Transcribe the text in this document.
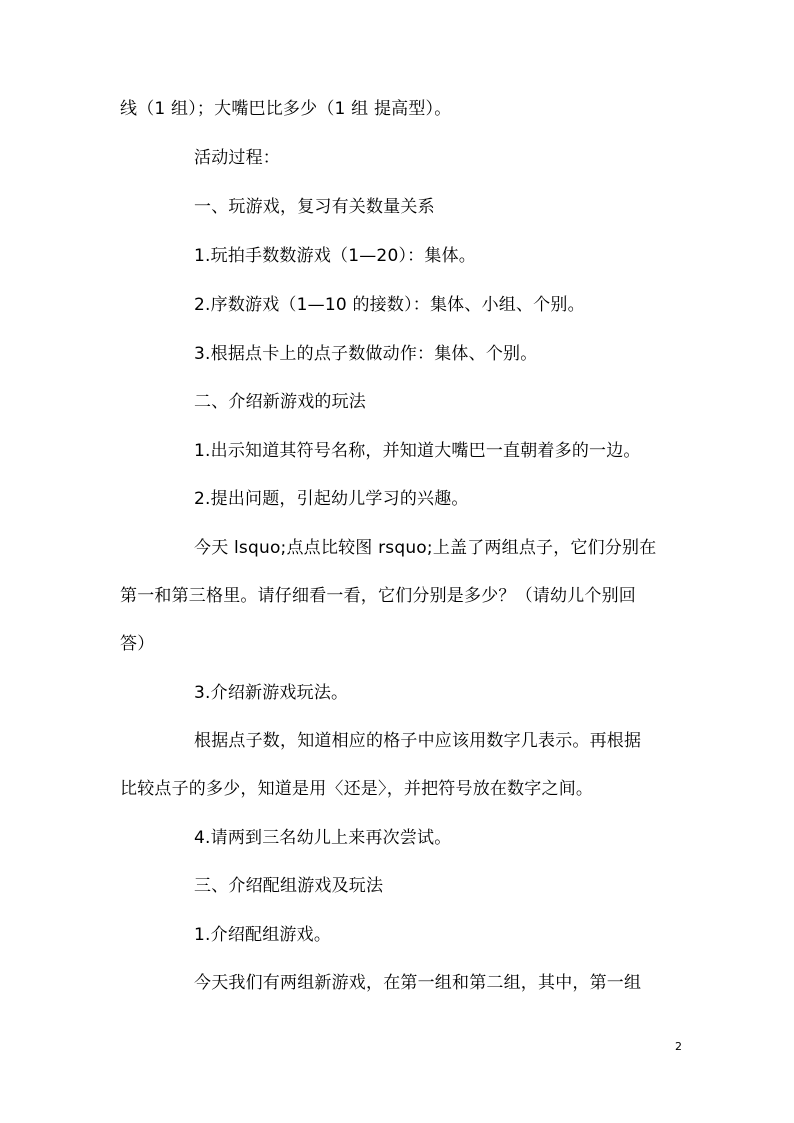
线（1 组）；大嘴巴比多少（1 组 提高型）。
活动过程：
一、玩游戏，复习有关数量关系
1.玩拍手数数游戏（1—20）：集体。
2.序数游戏（1—10 的接数）：集体、小组、个别。
3.根据点卡上的点子数做动作：集体、个别。
二、介绍新游戏的玩法
1.出示知道其符号名称，并知道大嘴巴一直朝着多的一边。
2.提出问题，引起幼儿学习的兴趣。
今天 lsquo;点点比较图 rsquo;上盖了两组点子，它们分别在
第一和第三格里。请仔细看一看，它们分别是多少？（请幼儿个别回
答）
3.介绍新游戏玩法。
根据点子数，知道相应的格子中应该用数字几表示。再根据
比较点子的多少，知道是用〈还是〉，并把符号放在数字之间。
4.请两到三名幼儿上来再次尝试。
三、介绍配组游戏及玩法
1.介绍配组游戏。
今天我们有两组新游戏，在第一组和第二组，其中，第一组
2
